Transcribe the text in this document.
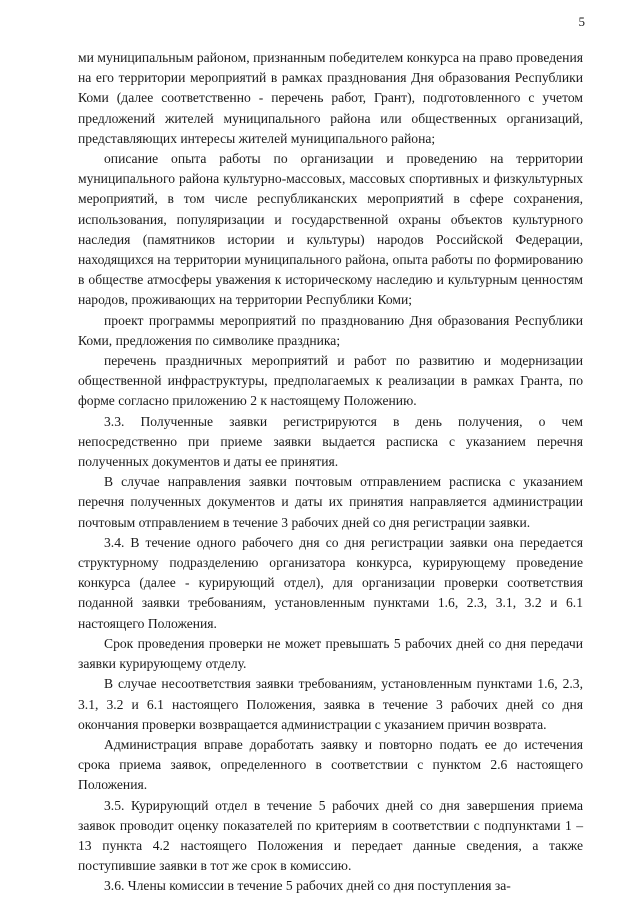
5

ми муниципальным районом, признанным победителем конкурса на право проведения на его территории мероприятий в рамках празднования Дня образования Республики Коми (далее соответственно - перечень работ, Грант), подготовленного с учетом предложений жителей муниципального района или общественных организаций, представляющих интересы жителей муниципального района;

описание опыта работы по организации и проведению на территории муниципального района культурно-массовых, массовых спортивных и физкультурных мероприятий, в том числе республиканских мероприятий в сфере сохранения, использования, популяризации и государственной охраны объектов культурного наследия (памятников истории и культуры) народов Российской Федерации, находящихся на территории муниципального района, опыта работы по формированию в обществе атмосферы уважения к историческому наследию и культурным ценностям народов, проживающих на территории Республики Коми;

проект программы мероприятий по празднованию Дня образования Республики Коми, предложения по символике праздника;

перечень праздничных мероприятий и работ по развитию и модернизации общественной инфраструктуры, предполагаемых к реализации в рамках Гранта, по форме согласно приложению 2 к настоящему Положению.

3.3. Полученные заявки регистрируются в день получения, о чем непосредственно при приеме заявки выдается расписка с указанием перечня полученных документов и даты ее принятия.

В случае направления заявки почтовым отправлением расписка с указанием перечня полученных документов и даты их принятия направляется администрации почтовым отправлением в течение 3 рабочих дней со дня регистрации заявки.

3.4. В течение одного рабочего дня со дня регистрации заявки она передается структурному подразделению организатора конкурса, курирующему проведение конкурса (далее - курирующий отдел), для организации проверки соответствия поданной заявки требованиям, установленным пунктами 1.6, 2.3, 3.1, 3.2 и 6.1 настоящего Положения.

Срок проведения проверки не может превышать 5 рабочих дней со дня передачи заявки курирующему отделу.

В случае несоответствия заявки требованиям, установленным пунктами 1.6, 2.3, 3.1, 3.2 и 6.1 настоящего Положения, заявка в течение 3 рабочих дней со дня окончания проверки возвращается администрации с указанием причин возврата.

Администрация вправе доработать заявку и повторно подать ее до истечения срока приема заявок, определенного в соответствии с пунктом 2.6 настоящего Положения.

3.5. Курирующий отдел в течение 5 рабочих дней со дня завершения приема заявок проводит оценку показателей по критериям в соответствии с подпунктами 1 – 13 пункта 4.2 настоящего Положения и передает данные сведения, а также поступившие заявки в тот же срок в комиссию.

3.6. Члены комиссии в течение 5 рабочих дней со дня поступления за-
